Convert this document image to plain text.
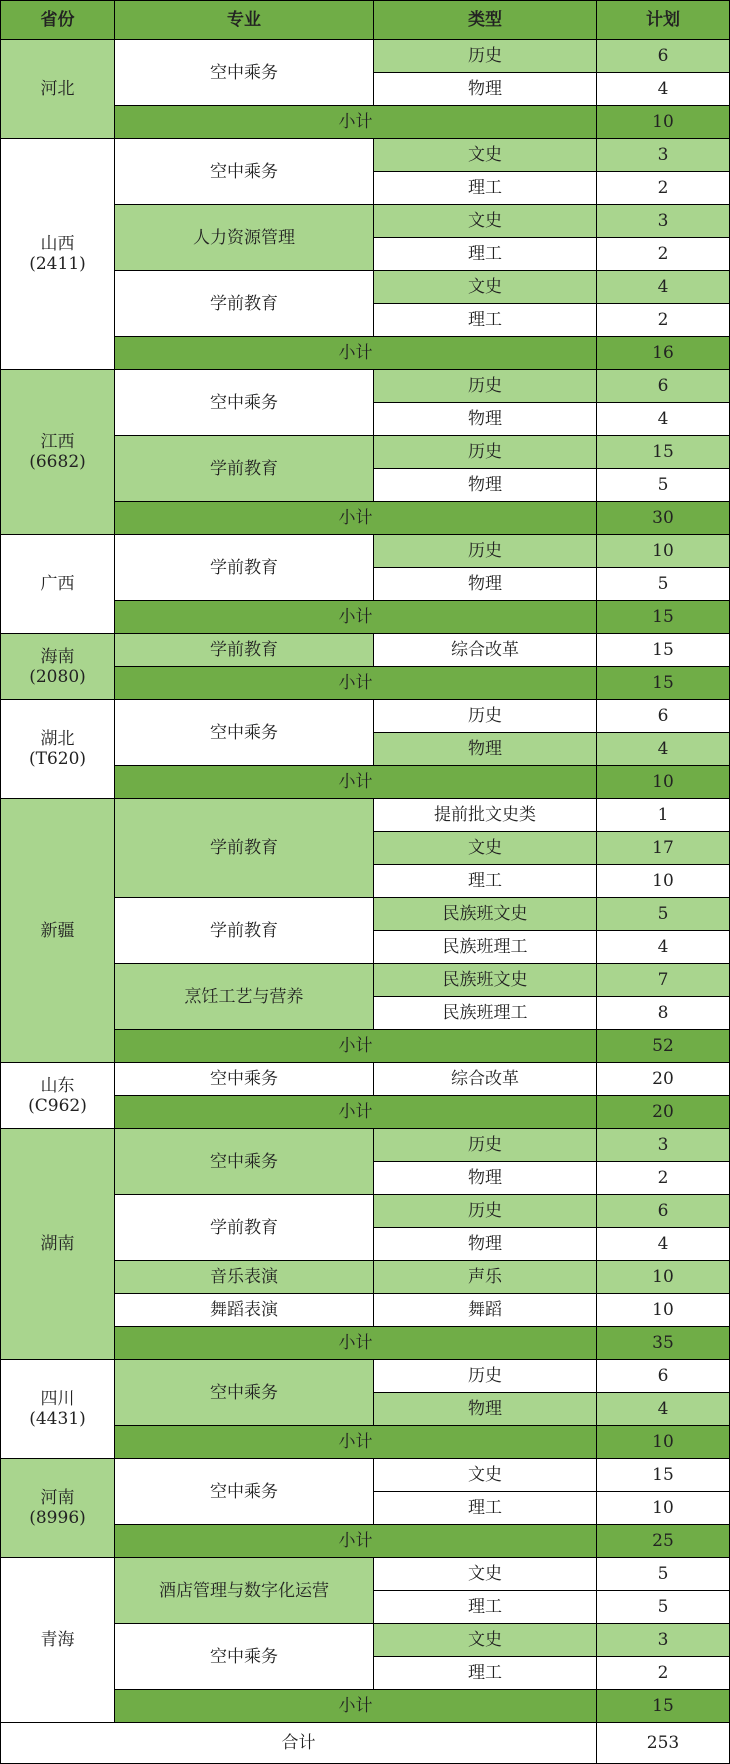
省份	专业	类型	计划
河北	空中乘务	历史	6
		物理	4
	小计		10
山西
(2411)	空中乘务	文史	3
		理工	2
	人力资源管理	文史	3
		理工	2
	学前教育	文史	4
		理工	2
	小计		16
江西
(6682)	空中乘务	历史	6
		物理	4
	学前教育	历史	15
		物理	5
	小计		30
广西	学前教育	历史	10
		物理	5
	小计		15
海南
(2080)	学前教育	综合改革	15
	小计		15
湖北
(T620)	空中乘务	历史	6
		物理	4
	小计		10
新疆	学前教育	提前批文史类	1
		文史	17
		理工	10
	学前教育	民族班文史	5
		民族班理工	4
	烹饪工艺与营养	民族班文史	7
		民族班理工	8
	小计		52
山东
(C962)	空中乘务	综合改革	20
	小计		20
湖南	空中乘务	历史	3
		物理	2
	学前教育	历史	6
		物理	4
	音乐表演	声乐	10
	舞蹈表演	舞蹈	10
	小计		35
四川
(4431)	空中乘务	历史	6
		物理	4
	小计		10
河南
(8996)	空中乘务	文史	15
		理工	10
	小计		25
青海	酒店管理与数字化运营	文史	5
		理工	5
	空中乘务	文史	3
		理工	2
	小计		15
合计			253
